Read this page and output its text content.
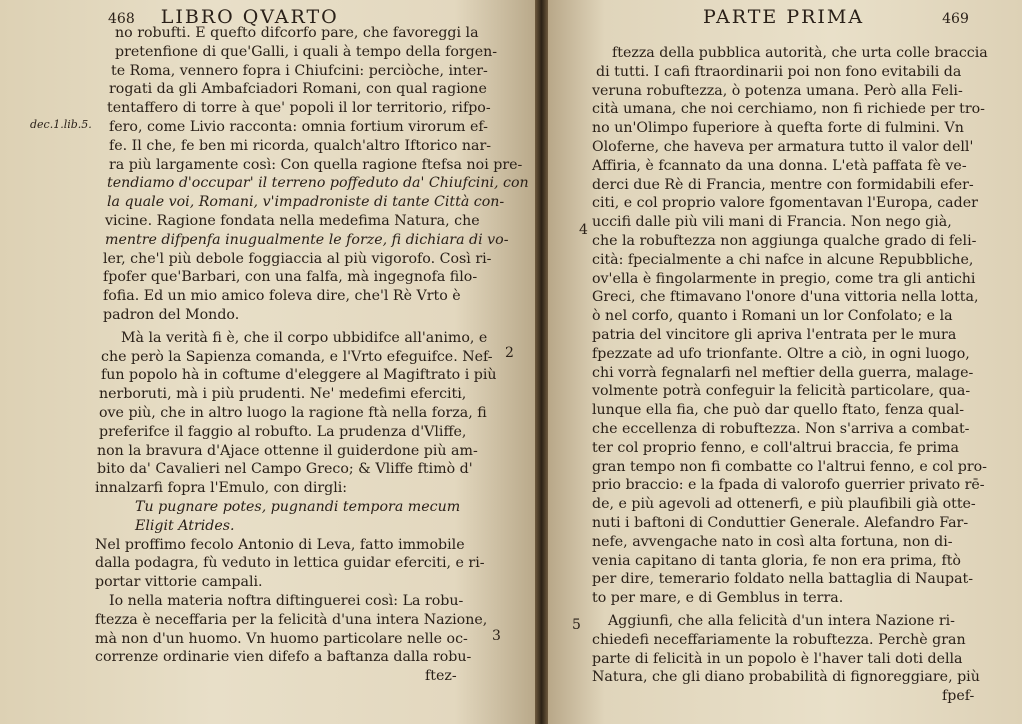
468 LIBRO QVARTO
dec.1.lib.5.
2
3
no robufti. E quefto difcorfo pare, che favoreggi la
pretenfione di que'Galli, i quali à tempo della forgen-
te Roma, vennero fopra i Chiufcini: perciòche, inter-
rogati da gli Ambafciadori Romani, con qual ragione
tentaffero di torre à que' popoli il lor territorio, rifpo-
fero, come Livio racconta: omnia fortium virorum ef-
fe. Il che, fe ben mi ricorda, qualch'altro Iftorico nar-
ra più largamente così: Con quella ragione ftefsa noi pre-
tendiamo d'occupar' il terreno poffeduto da' Chiufcini, con
la quale voi, Romani, v'impadroniste di tante Città con-
vicine. Ragione fondata nella medefima Natura, che
mentre difpenfa inugualmente le forze, fi dichiara di vo-
ler, che'l più debole foggiaccia al più vigorofo. Così ri-
fpofer que'Barbari, con una falfa, mà ingegnofa filo-
fofia. Ed un mio amico foleva dire, che'l Rè Vrto è
padron del Mondo.
Mà la verità fi è, che il corpo ubbidifce all'animo, e
che però la Sapienza comanda, e l'Vrto efeguifce. Nef-
fun popolo hà in coftume d'eleggere al Magiftrato i più
nerboruti, mà i più prudenti. Ne' medefimi eferciti,
ove più, che in altro luogo la ragione ftà nella forza, fi
preferifce il faggio al robufto. La prudenza d'Vliffe,
non la bravura d'Ajace ottenne il guiderdone più am-
bito da' Cavalieri nel Campo Greco; & Vliffe ftimò d'
innalzarfi fopra l'Emulo, con dirgli:
Tu pugnare potes, pugnandi tempora mecum
Eligit Atrides.
Nel proffimo fecolo Antonio di Leva, fatto immobile
dalla podagra, fù veduto in lettica guidar eferciti, e ri-
portar vittorie campali.
Io nella materia noftra diftinguerei così: La robu-
ftezza è neceffaria per la felicità d'una intera Nazione,
mà non d'un huomo. Vn huomo particolare nelle oc-
correnze ordinarie vien difefo a baftanza dalla robu-
ftez-
PARTE PRIMA	469
4
5
ftezza della pubblica autorità, che urta colle braccia
di tutti. I cafi ftraordinarii poi non fono evitabili da
veruna robuftezza, ò potenza umana. Però alla Feli-
cità umana, che noi cerchiamo, non fi richiede per tro-
no un'Olimpo fuperiore à quefta forte di fulmini. Vn
Oloferne, che haveva per armatura tutto il valor dell'
Affiria, è fcannato da una donna. L'età paffata fè ve-
derci due Rè di Francia, mentre con formidabili efer-
citi, e col proprio valore fgomentavan l'Europa, cader
uccifi dalle più vili mani di Francia. Non nego già,
che la robuftezza non aggiunga qualche grado di feli-
cità: fpecialmente a chi nafce in alcune Repubbliche,
ov'ella è fingolarmente in pregio, come tra gli antichi
Greci, che ftimavano l'onore d'una vittoria nella lotta,
ò nel corfo, quanto i Romani un lor Confolato; e la
patria del vincitore gli apriva l'entrata per le mura
fpezzate ad ufo trionfante. Oltre a ciò, in ogni luogo,
chi vorrà fegnalarfi nel meftier della guerra, malage-
volmente potrà confeguir la felicità particolare, qua-
lunque ella fia, che può dar quello ftato, fenza qual-
che eccellenza di robuftezza. Non s'arriva a combat-
ter col proprio fenno, e coll'altrui braccia, fe prima
gran tempo non fi combatte co l'altrui fenno, e col pro-
prio braccio: e la fpada di valorofo guerrier privato rē-
de, e più agevoli ad ottenerfi, e più plaufibili già otte-
nuti i baftoni di Conduttier Generale. Alefandro Far-
nefe, avvengache nato in così alta fortuna, non di-
venia capitano di tanta gloria, fe non era prima, ftò
per dire, temerario foldato nella battaglia di Naupat-
to per mare, e di Gemblus in terra.
Aggiunfi, che alla felicità d'un intera Nazione ri-
chiedefi neceffariamente la robuftezza. Perchè gran
parte di felicità in un popolo è l'haver tali doti della
Natura, che gli diano probabilità di fignoreggiare, più
fpef-
